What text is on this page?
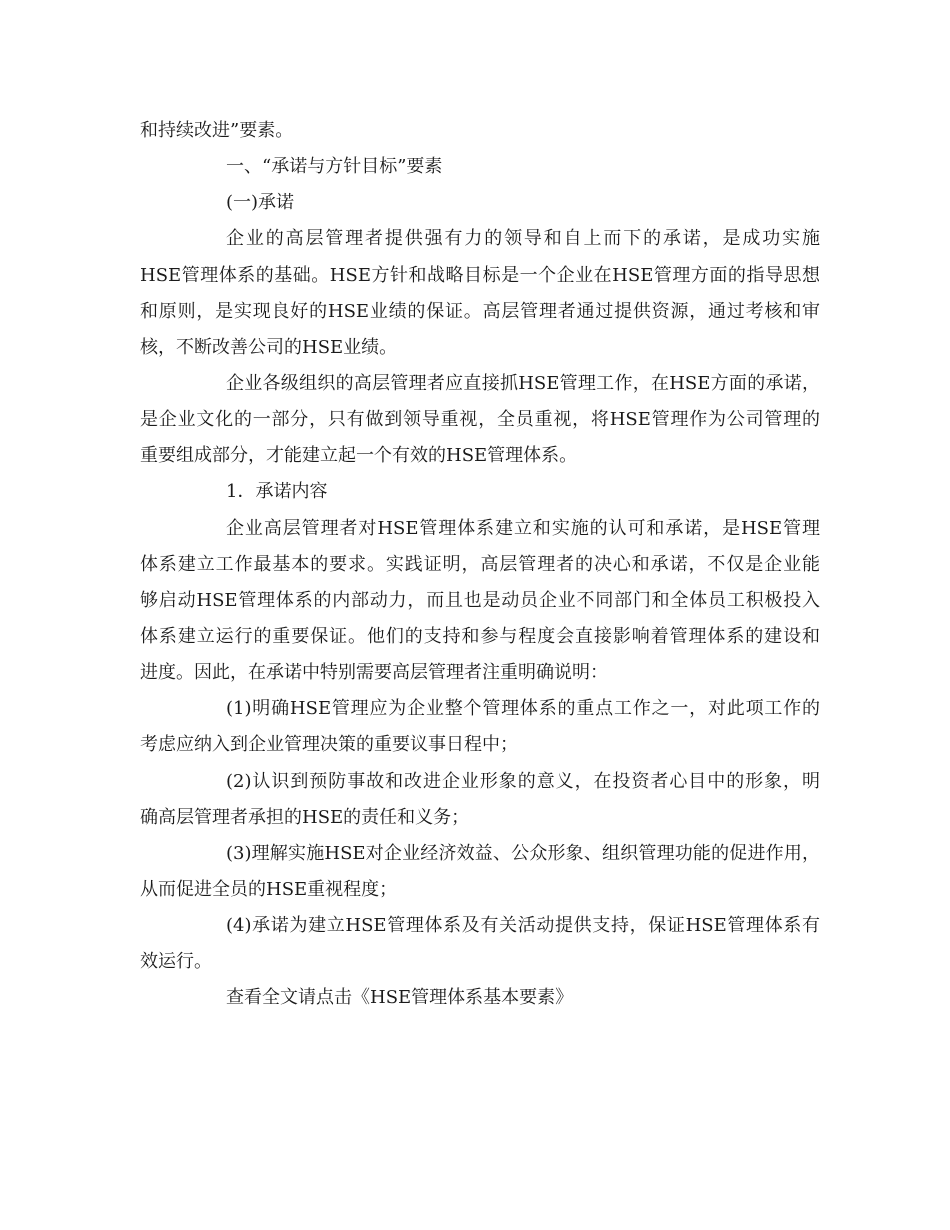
和持续改进”要素。
一、“承诺与方针目标”要素
(一)承诺
企业的高层管理者提供强有力的领导和自上而下的承诺，是成功实施
HSE管理体系的基础。HSE方针和战略目标是一个企业在HSE管理方面的指导思想
和原则，是实现良好的HSE业绩的保证。高层管理者通过提供资源，通过考核和审
核，不断改善公司的HSE业绩。
企业各级组织的高层管理者应直接抓HSE管理工作，在HSE方面的承诺，
是企业文化的一部分，只有做到领导重视，全员重视，将HSE管理作为公司管理的
重要组成部分，才能建立起一个有效的HSE管理体系。
1．承诺内容
企业高层管理者对HSE管理体系建立和实施的认可和承诺，是HSE管理
体系建立工作最基本的要求。实践证明，高层管理者的决心和承诺，不仅是企业能
够启动HSE管理体系的内部动力，而且也是动员企业不同部门和全体员工积极投入
体系建立运行的重要保证。他们的支持和参与程度会直接影响着管理体系的建设和
进度。因此，在承诺中特别需要高层管理者注重明确说明：
(1)明确HSE管理应为企业整个管理体系的重点工作之一，对此项工作的
考虑应纳入到企业管理决策的重要议事日程中；
(2)认识到预防事故和改进企业形象的意义，在投资者心目中的形象，明
确高层管理者承担的HSE的责任和义务；
(3)理解实施HSE对企业经济效益、公众形象、组织管理功能的促进作用，
从而促进全员的HSE重视程度；
(4)承诺为建立HSE管理体系及有关活动提供支持，保证HSE管理体系有
效运行。
查看全文请点击《HSE管理体系基本要素》
